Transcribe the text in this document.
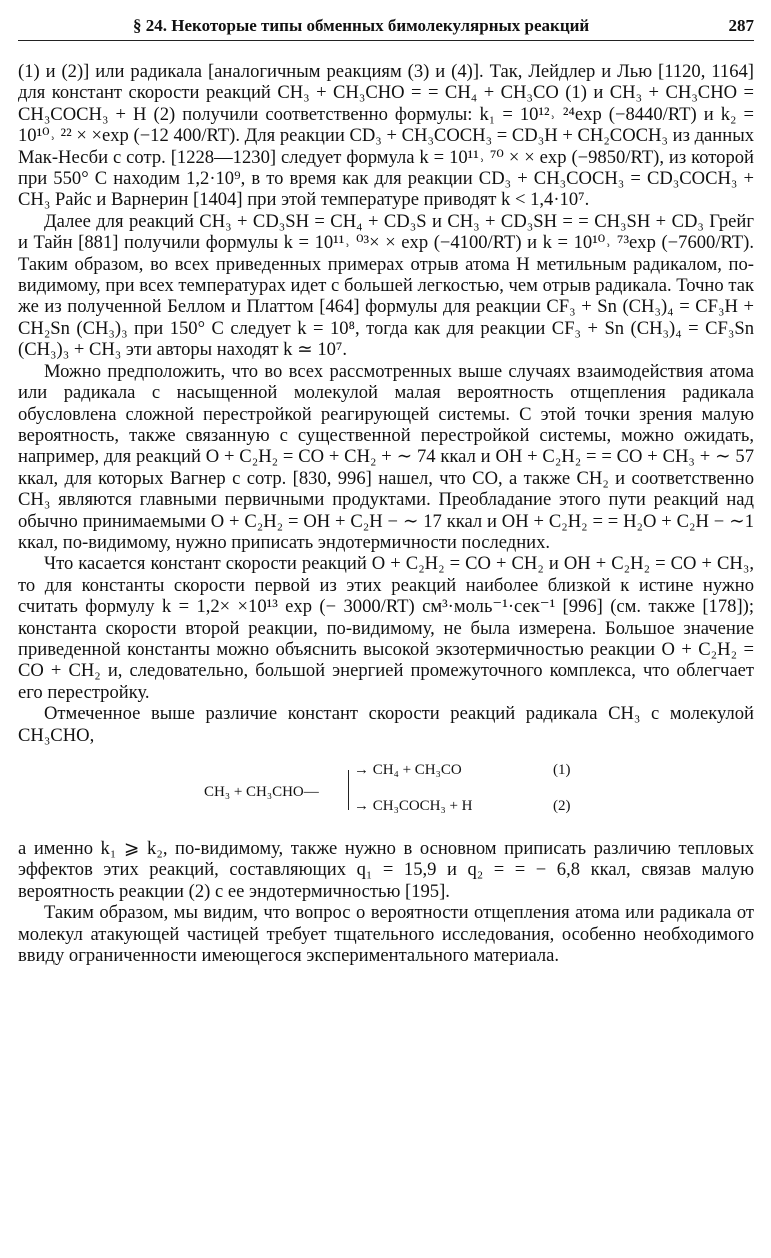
§ 24. Некоторые типы обменных бимолекулярных реакций	287

(1) и (2)] или радикала [аналогичным реакциям (3) и (4)]. Так, Лейдлер и Лью [1120, 1164] для констант скорости реакций CH₃ + CH₃CHO = = CH₄ + CH₃CO (1) и CH₃ + CH₃CHO = CH₃COCH₃ + H (2) получили соответственно формулы: k₁ = 10¹²˒ ²⁴exp (−8440/RT) и k₂ = 10¹⁰˒ ²² × ×exp (−12 400/RT). Для реакции CD₃ + CH₃COCH₃ = CD₃H + CH₂COCH₃ из данных Мак-Несби с сотр. [1228—1230] следует формула k = 10¹¹˒ ⁷⁰ × × exp (−9850/RT), из которой при 550° C находим 1,2·10⁹, в то время как для реакции CD₃ + CH₃COCH₃ = CD₃COCH₃ + CH₃ Райс и Варнерин [1404] при этой температуре приводят k < 1,4·10⁷.

Далее для реакций CH₃ + CD₃SH = CH₄ + CD₃S и CH₃ + CD₃SH = = CH₃SH + CD₃ Грейг и Тайн [881] получили формулы k = 10¹¹˒ ⁰³× × exp (−4100/RT) и k = 10¹⁰˒ ⁷³exp (−7600/RT). Таким образом, во всех приведенных примерах отрыв атома H метильным радикалом, по-видимому, при всех температурах идет с большей легкостью, чем отрыв радикала. Точно так же из полученной Беллом и Платтом [464] формулы для реакции CF₃ + Sn (CH₃)₄ = CF₃H + CH₂Sn (CH₃)₃ при 150° C следует k = 10⁸, тогда как для реакции CF₃ + Sn (CH₃)₄ = CF₃Sn (CH₃)₃ + CH₃ эти авторы находят k ≃ 10⁷.

Можно предположить, что во всех рассмотренных выше случаях взаимодействия атома или радикала с насыщенной молекулой малая вероятность отщепления радикала обусловлена сложной перестройкой реагирующей системы. С этой точки зрения малую вероятность, также связанную с существенной перестройкой системы, можно ожидать, например, для реакций O + C₂H₂ = CO + CH₂ + ∼ 74 ккал и OH + C₂H₂ = = CO + CH₃ + ∼ 57 ккал, для которых Вагнер с сотр. [830, 996] нашел, что CO, а также CH₂ и соответственно CH₃ являются главными первичными продуктами. Преобладание этого пути реакций над обычно принимаемыми O + C₂H₂ = OH + C₂H − ∼ 17 ккал и OH + C₂H₂ = = H₂O + C₂H − ∼1 ккал, по-видимому, нужно приписать эндотермичности последних.

Что касается констант скорости реакций O + C₂H₂ = CO + CH₂ и OH + C₂H₂ = CO + CH₃, то для константы скорости первой из этих реакций наиболее близкой к истине нужно считать формулу k = 1,2× ×10¹³ exp (− 3000/RT) см³·моль⁻¹·сек⁻¹ [996] (см. также [178]); константа скорости второй реакции, по-видимому, не была измерена. Большое значение приведенной константы можно объяснить высокой экзотермичностью реакции O + C₂H₂ = CO + CH₂ и, следовательно, большой энергией промежуточного комплекса, что облегчает его перестройку.

Отмеченное выше различие констант скорости реакций радикала CH₃ с молекулой CH₃CHO,

CH₃ + CH₃CHO—
→ CH₄ + CH₃CO	(1)
→ CH₃COCH₃ + H	(2)

а именно k₁ ⩾ k₂, по-видимому, также нужно в основном приписать различию тепловых эффектов этих реакций, составляющих q₁ = 15,9 и q₂ = = − 6,8 ккал, связав малую вероятность реакции (2) с ее эндотермичностью [195].

Таким образом, мы видим, что вопрос о вероятности отщепления атома или радикала от молекул атакующей частицей требует тщательного исследования, особенно необходимого ввиду ограниченности имеющегося экспериментального материала.
